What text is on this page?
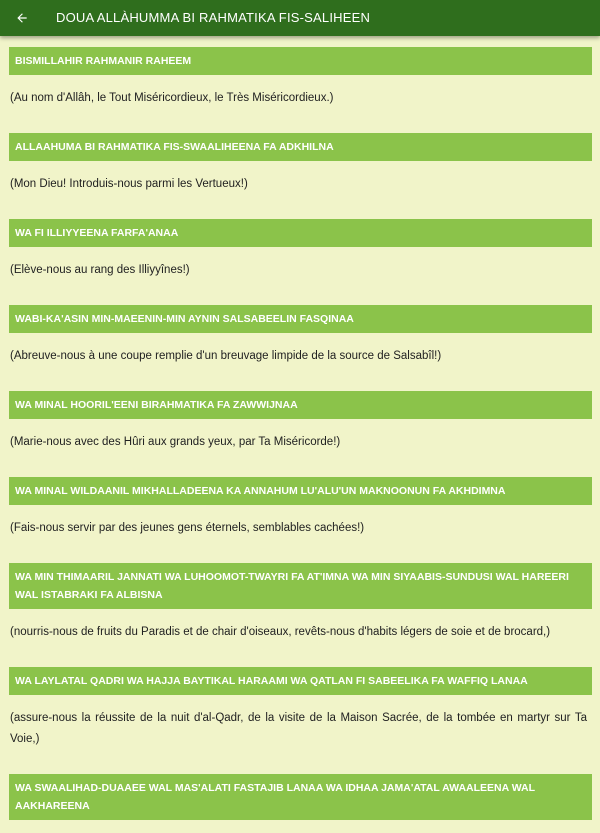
DOUA ALLÀHUMMA BI RAHMATIKA FIS-SALIHEEN
BISMILLAHIR RAHMANIR RAHEEM
(Au nom d'Allâh, le Tout Miséricordieux, le Très Miséricordieux.)
ALLAAHUMA BI RAHMATIKA FIS-SWAALIHEENA FA ADKHILNA
(Mon Dieu! Introduis-nous parmi les Vertueux!)
WA FI ILLIYYEENA FARFA'ANAA
(Elève-nous au rang des Illiyyînes!)
WABI-KA'ASIN MIN-MAEENIN-MIN AYNIN SALSABEELIN FASQINAA
(Abreuve-nous à une coupe remplie d'un breuvage limpide de la source de Salsabîl!)
WA MINAL HOORIL'EENI BIRAHMATIKA FA ZAWWIJNAA
(Marie-nous avec des Hûri aux grands yeux, par Ta Miséricorde!)
WA MINAL WILDAANIL MIKHALLADEENA KA ANNAHUM LU'ALU'UN MAKNOONUN FA AKHDIMNA
(Fais-nous servir par des jeunes gens éternels, semblables cachées!)
WA MIN THIMAARIL JANNATI WA LUHOOMOT-TWAYRI FA AT'IMNA WA MIN SIYAABIS-SUNDUSI WAL HAREERI WAL ISTABRAKI FA ALBISNA
(nourris-nous de fruits du Paradis et de chair d'oiseaux, revêts-nous d'habits légers de soie et de brocard,)
WA LAYLATAL QADRI WA HAJJA BAYTIKAL HARAAMI WA QATLAN FI SABEELIKA FA WAFFIQ LANAA
(assure-nous la réussite de la nuit d'al-Qadr, de la visite de la Maison Sacrée, de la tombée en martyr sur Ta Voie,)
WA SWAALIHAD-DUAAEE WAL MAS'ALATI FASTAJIB LANAA WA IDHAA JAMA'ATAL AWAALEENA WAL AAKHAREENA
